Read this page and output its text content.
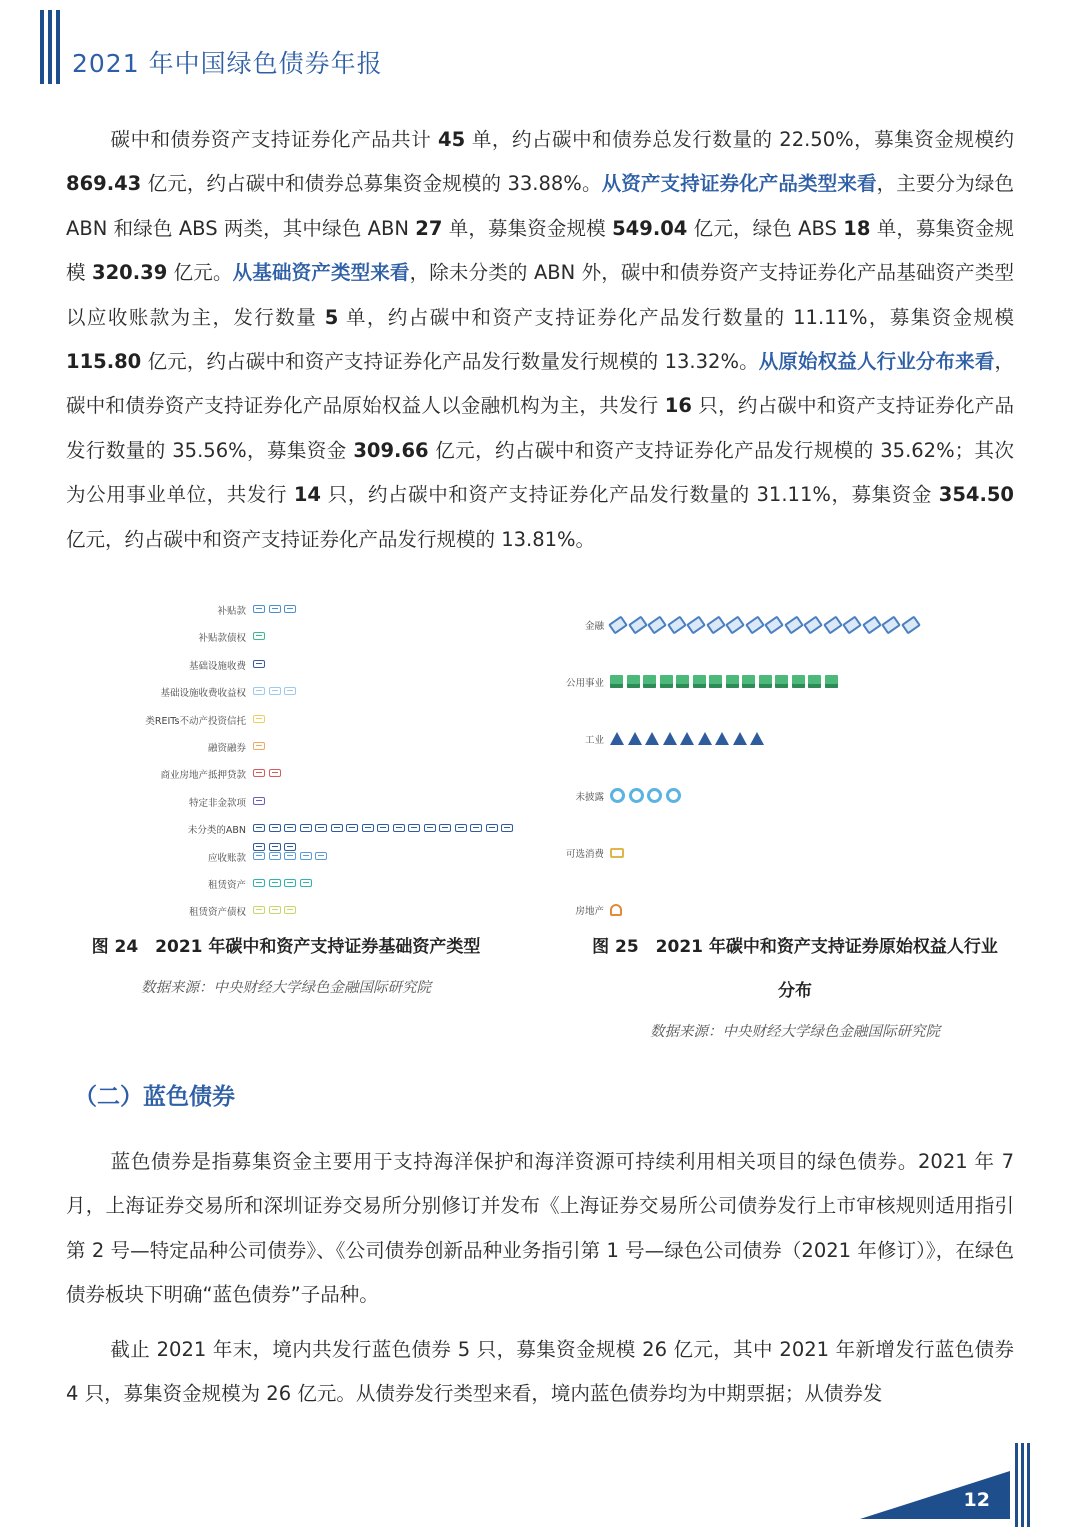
2021 年中国绿色债券年报

碳中和债券资产支持证券化产品共计 45 单，约占碳中和债券总发行数量的 22.50%，募集资金规模约 869.43 亿元，约占碳中和债券总募集资金规模的 33.88%。从资产支持证券化产品类型来看，主要分为绿色 ABN 和绿色 ABS 两类，其中绿色 ABN 27 单，募集资金规模 549.04 亿元，绿色 ABS 18 单，募集资金规模 320.39 亿元。从基础资产类型来看，除未分类的 ABN 外，碳中和债券资产支持证券化产品基础资产类型以应收账款为主，发行数量 5 单，约占碳中和资产支持证券化产品发行数量的 11.11%，募集资金规模 115.80 亿元，约占碳中和资产支持证券化产品发行数量发行规模的 13.32%。从原始权益人行业分布来看，碳中和债券资产支持证券化产品原始权益人以金融机构为主，共发行 16 只，约占碳中和资产支持证券化产品发行数量的 35.56%，募集资金 309.66 亿元，约占碳中和资产支持证券化产品发行规模的 35.62%；其次为公用事业单位，共发行 14 只，约占碳中和资产支持证券化产品发行数量的 31.11%，募集资金 354.50 亿元，约占碳中和资产支持证券化产品发行规模的 13.81%。

补贴款
补贴款债权
基础设施收费
基础设施收费收益权
类REITs不动产投资信托
融资融券
商业房地产抵押贷款
特定非金款项
未分类的ABN
应收账款
租赁资产
租赁资产债权
图 24　2021 年碳中和资产支持证券基础资产类型
数据来源：中央财经大学绿色金融国际研究院
金融
公用事业
工业
未披露
可选消费
房地产
图 25　2021 年碳中和资产支持证券原始权益人行业
分布
数据来源：中央财经大学绿色金融国际研究院
（二）蓝色债券

蓝色债券是指募集资金主要用于支持海洋保护和海洋资源可持续利用相关项目的绿色债券。2021 年 7 月，上海证券交易所和深圳证券交易所分别修订并发布《上海证券交易所公司债券发行上市审核规则适用指引第 2 号—特定品种公司债券》、《公司债券创新品种业务指引第 1 号—绿色公司债券（2021 年修订）》，在绿色债券板块下明确“蓝色债券”子品种。

截止 2021 年末，境内共发行蓝色债券 5 只，募集资金规模 26 亿元，其中 2021 年新增发行蓝色债券 4 只，募集资金规模为 26 亿元。从债券发行类型来看，境内蓝色债券均为中期票据；从债券发

12
